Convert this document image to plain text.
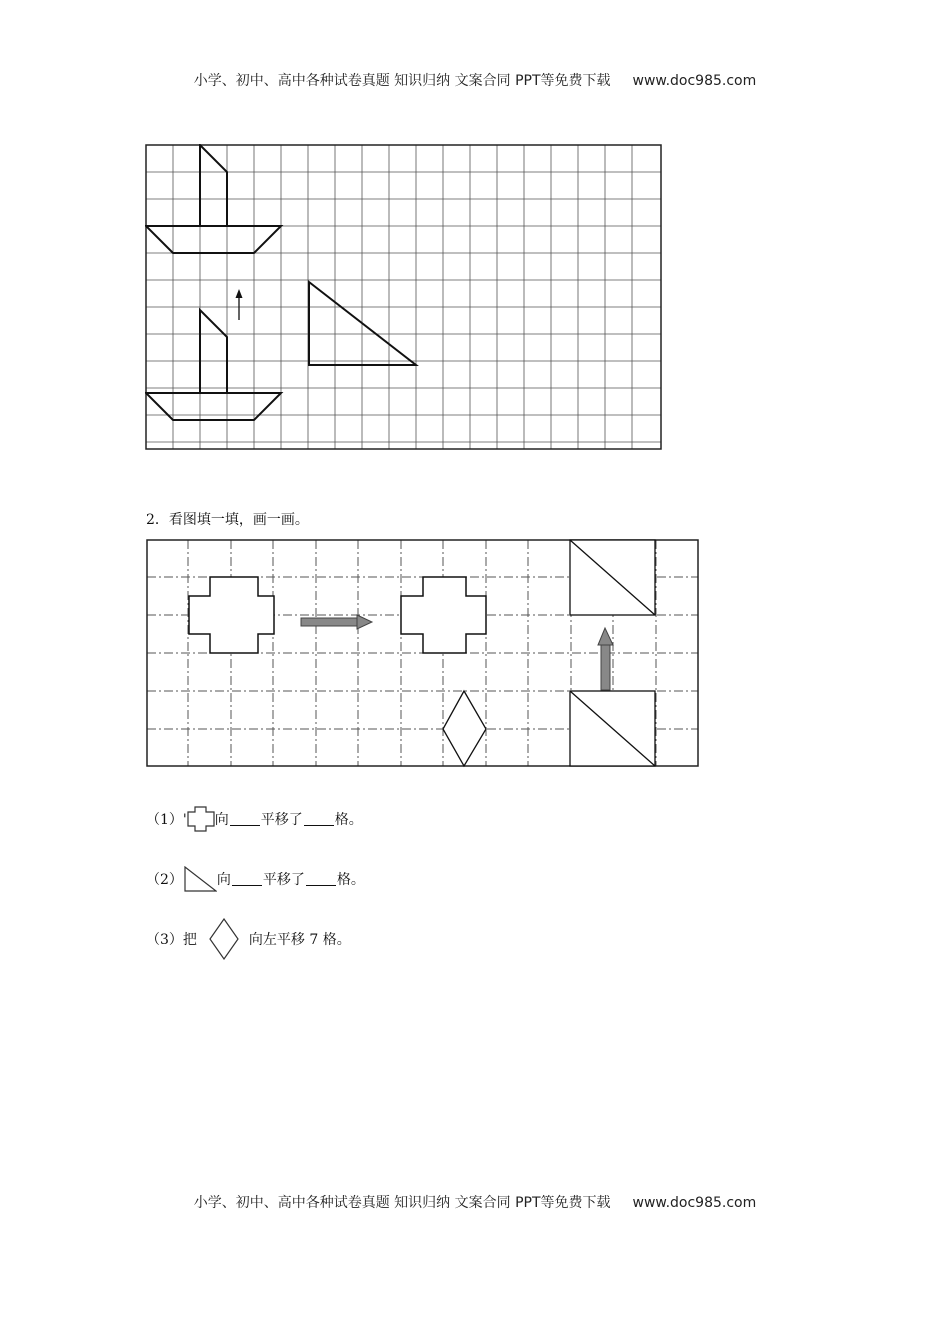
小学、初中、高中各种试卷真题 知识归纳 文案合同 PPT等免费下载 www.doc985.com
2．看图填一填，画一画。
（1）' 向 平移了 格。
（2） 向 平移了 格。
（3）把	向左平移 7 格。
小学、初中、高中各种试卷真题 知识归纳 文案合同 PPT等免费下载 www.doc985.com
